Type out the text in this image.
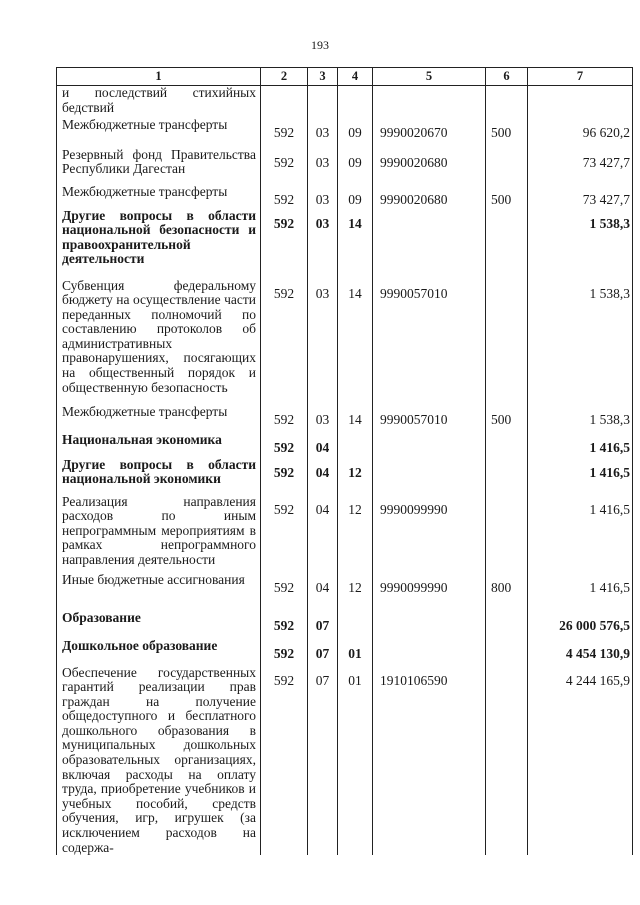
193
1	2	3	4	5	6	7
и последствий стихийных бедствий						
Межбюджетные трансферты	592	03	09	9990020670	500	96 620,2
Резервный фонд Правительства Республики Дагестан	592	03	09	9990020680		73 427,7
Межбюджетные трансферты	592	03	09	9990020680	500	73 427,7
Другие вопросы в области национальной безопасности и правоохранительной деятельности	592	03	14			1 538,3
Субвенция федеральному бюджету на осуществление части переданных полномочий по составлению протоколов об административных правонарушениях, посягающих на общественный порядок и общественную безопасность	592	03	14	9990057010		1 538,3
Межбюджетные трансферты	592	03	14	9990057010	500	1 538,3
Национальная экономика	592	04				1 416,5
Другие вопросы в области национальной экономики	592	04	12			1 416,5
Реализация направления расходов по иным непрограммным мероприятиям в рамках непрограммного направления деятельности	592	04	12	9990099990		1 416,5
Иные бюджетные ассигнования	592	04	12	9990099990	800	1 416,5
Образование	592	07				26 000 576,5
Дошкольное образование	592	07	01			4 454 130,9
Обеспечение государственных гарантий реализации прав граждан на получение общедоступного и бесплатного дошкольного образования в муниципальных дошкольных образовательных организациях, включая расходы на оплату труда, приобретение учебников и учебных пособий, средств обучения, игр, игрушек (за исключением расходов на содержа-	592	07	01	1910106590		4 244 165,9
